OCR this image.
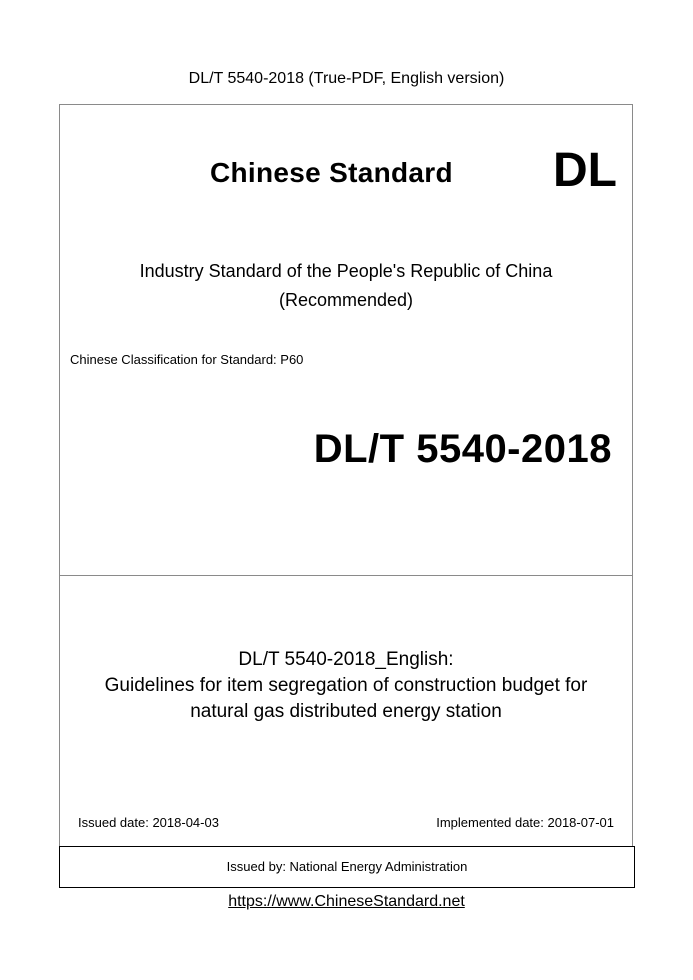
DL/T 5540-2018 (True-PDF, English version)
Chinese Standard DL
Industry Standard of the People's Republic of China
(Recommended)
Chinese Classification for Standard: P60
DL/T 5540-2018
DL/T 5540-2018_English:
Guidelines for item segregation of construction budget for
natural gas distributed energy station
Issued date: 2018-04-03	Implemented date: 2018-07-01
Issued by: National Energy Administration
https://www.ChineseStandard.net
